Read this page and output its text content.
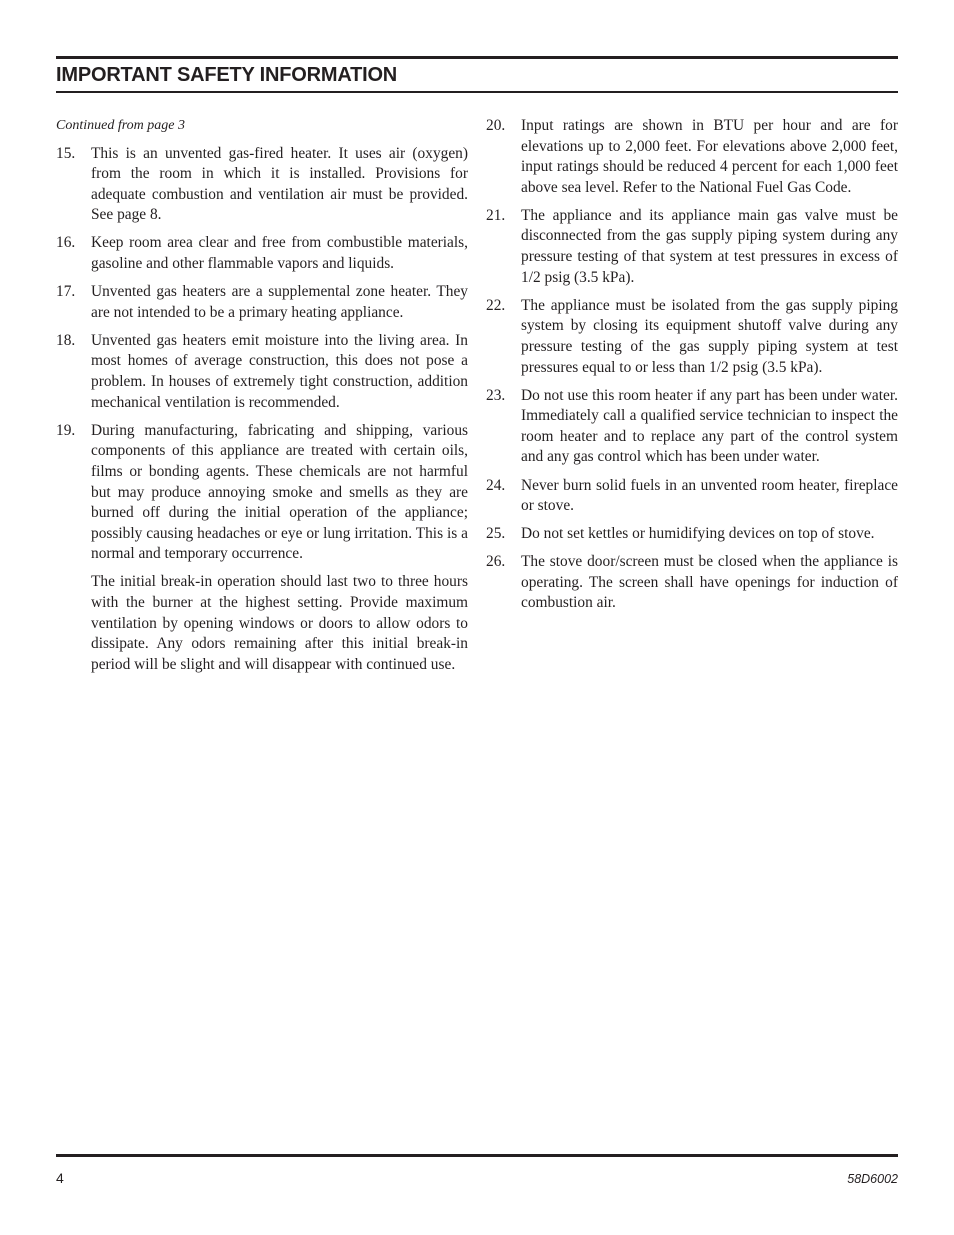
IMPORTANT SAFETY INFORMATION

Continued from page 3

15.	This is an unvented gas-fired heater. It uses air (oxygen) from the room in which it is installed. Provisions for adequate combustion and ventilation air must be provided. See page 8.

16.	Keep room area clear and free from combustible materials, gasoline and other flammable vapors and liquids.

17.	Unvented gas heaters are a supplemental zone heater. They are not intended to be a primary heating appliance.

18.	Unvented gas heaters emit moisture into the living area. In most homes of average construction, this does not pose a problem. In houses of extremely tight construction, addition mechanical ventilation is recommended.

19.	During manufacturing, fabricating and shipping, various components of this appliance are treated with certain oils, films or bonding agents. These chemicals are not harmful but may produce annoying smoke and smells as they are burned off during the initial operation of the appliance; possibly causing headaches or eye or lung irritation. This is a normal and temporary occurrence.

The initial break-in operation should last two to three hours with the burner at the highest setting. Provide maximum ventilation by opening windows or doors to allow odors to dissipate. Any odors remaining after this initial break-in period will be slight and will disappear with continued use.

20.	Input ratings are shown in BTU per hour and are for elevations up to 2,000 feet. For elevations above 2,000 feet, input ratings should be reduced 4 percent for each 1,000 feet above sea level. Refer to the National Fuel Gas Code.

21.	The appliance and its appliance main gas valve must be disconnected from the gas supply piping system during any pressure testing of that system at test pressures in excess of 1/2 psig (3.5 kPa).

22.	The appliance must be isolated from the gas supply piping system by closing its equipment shutoff valve during any pressure testing of the gas supply piping system at test pressures equal to or less than 1/2 psig (3.5 kPa).

23.	Do not use this room heater if any part has been under water. Immediately call a qualified service technician to inspect the room heater and to replace any part of the control system and any gas control which has been under water.

24.	Never burn solid fuels in an unvented room heater, fireplace or stove.

25.	Do not set kettles or humidifying devices on top of stove.

26.	The stove door/screen must be closed when the appliance is operating. The screen shall have openings for induction of combustion air.

4	58D6002
